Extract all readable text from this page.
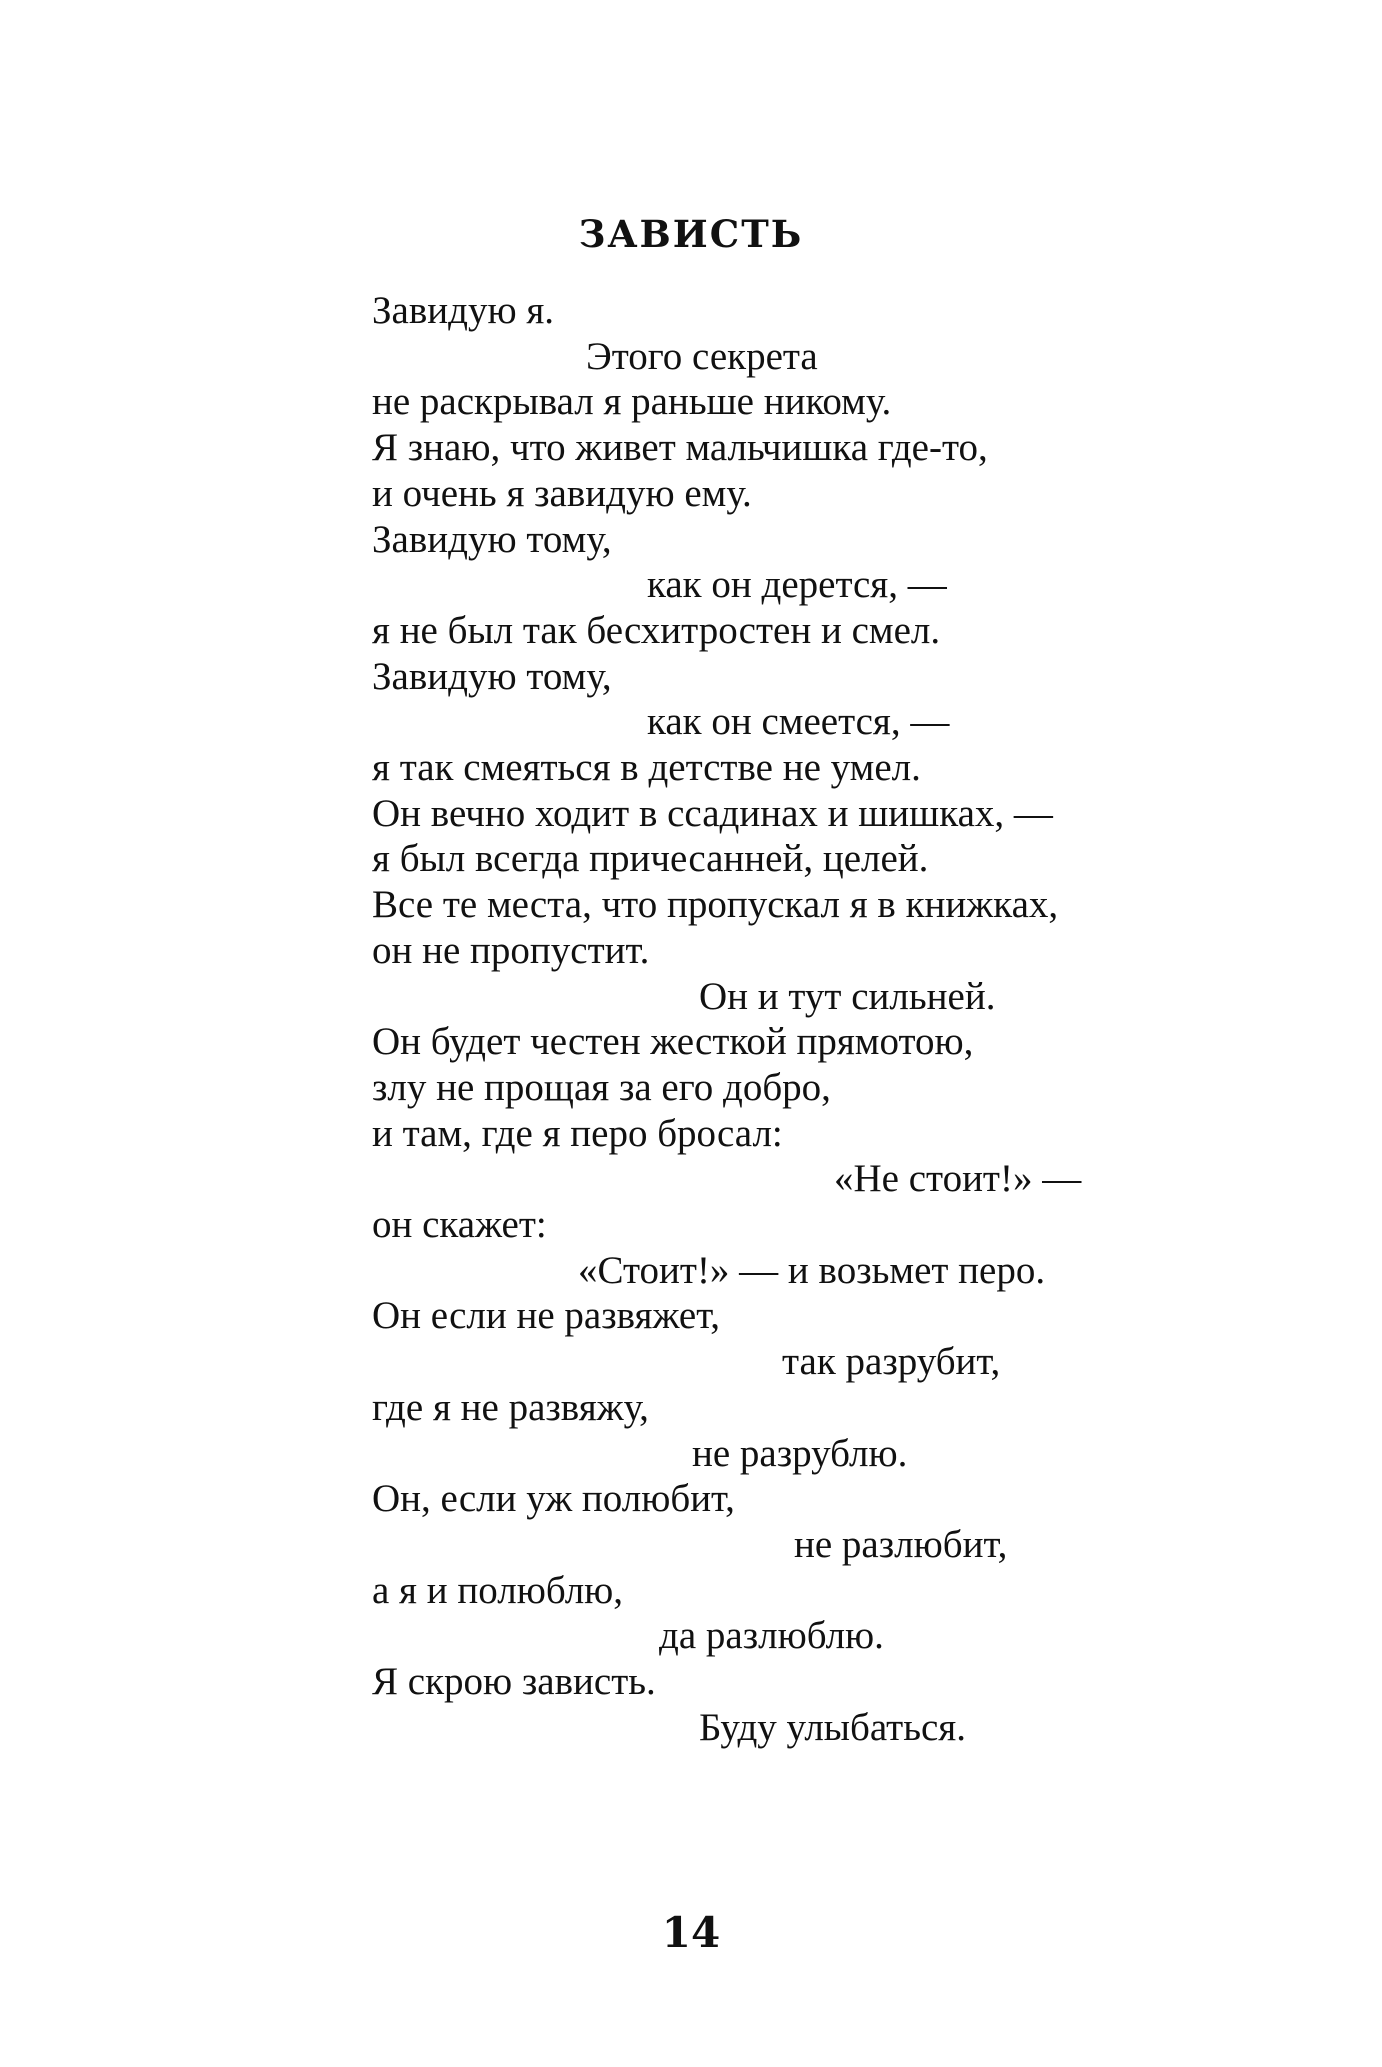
ЗАВИСТЬ
Завидую я.
Этого секрета
не раскрывал я раньше никому.
Я знаю, что живет мальчишка где-то,
и очень я завидую ему.
Завидую тому,
как он дерется, —
я не был так бесхитростен и смел.
Завидую тому,
как он смеется, —
я так смеяться в детстве не умел.
Он вечно ходит в ссадинах и шишках, —
я был всегда причесанней, целей.
Все те места, что пропускал я в книжках,
он не пропустит.
Он и тут сильней.
Он будет честен жесткой прямотою,
злу не прощая за его добро,
и там, где я перо бросал:
«Не стоит!» —
он скажет:
«Стоит!» — и возьмет перо.
Он если не развяжет,
так разрубит,
где я не развяжу,
не разрублю.
Он, если уж полюбит,
не разлюбит,
а я и полюблю,
да разлюблю.
Я скрою зависть.
Буду улыбаться.
14
